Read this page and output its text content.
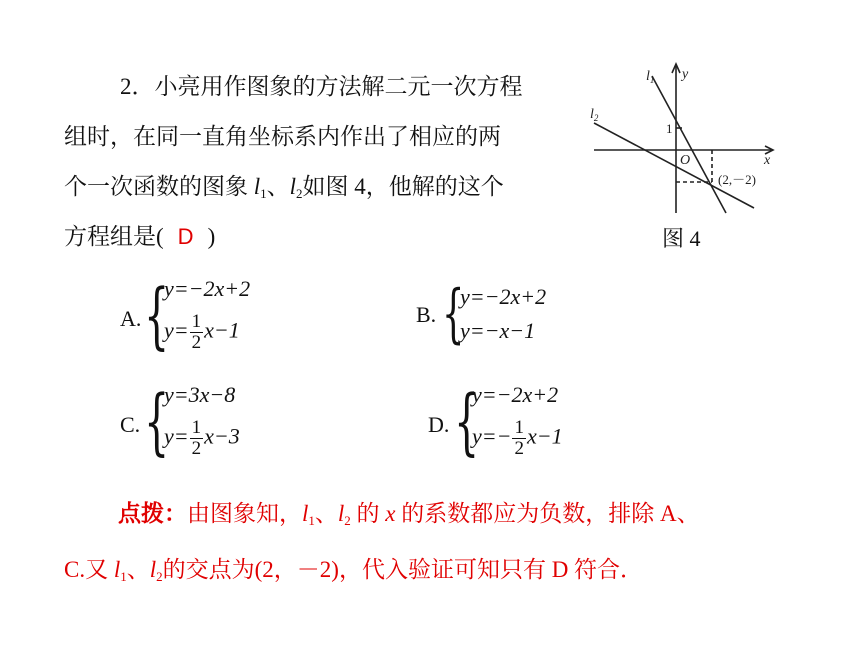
2．小亮用作图象的方法解二元一次方程
组时，在同一直角坐标系内作出了相应的两
个一次函数的图象 $l_1$、$l_2$如图 4，他解的这个
方程组是( D )
$l_1$
$l_2$
y
x
O
1
(2,－2)
图 4
A. {
y=−2x+2
$y= \frac{1}{2} x-1$
B. {
y=−2x+2
y=−x−1
C. {
y=3x−8
$y= \frac{1}{2} x-3$	D. {
y=−2x+2
$y=- \frac{1}{2} x-1$
点拨：由图象知，$l_1$、$l_2$ 的 x 的系数都应为负数，排除 A、
C.又 $l_1$、$l_2$的交点为(2，－2)，代入验证可知只有 D 符合．
